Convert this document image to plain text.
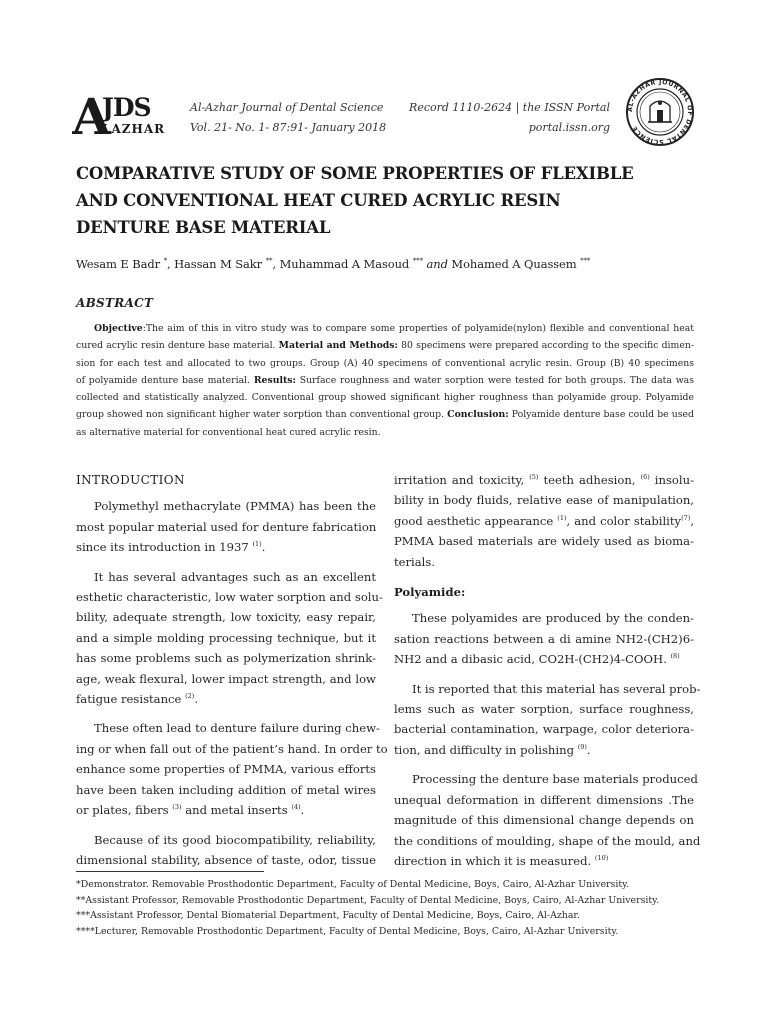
A
JDS
LAZHAR
Al-Azhar Journal of Dental Science
Vol. 21- No. 1- 87:91- January 2018
Record 1110-2624 | the ISSN Portal
portal.issn.org
AL-AZHAR JOURNAL OF DENTAL SCIENCE
COMPARATIVE STUDY OF SOME PROPERTIES OF FLEXIBLE
AND CONVENTIONAL HEAT CURED ACRYLIC RESIN
DENTURE BASE MATERIAL
Wesam E Badr *, Hassan M Sakr **, Muhammad A Masoud *** and Mohamed A Quassem ***
ABSTRACT
Objective:The aim of this in vitro study was to compare some properties of polyamide(nylon) flexible and conventional heat
cured acrylic resin denture base material. Material and Methods: 80 specimens were prepared according to the specific dimen-
sion for each test and allocated to two groups. Group (A) 40 specimens of conventional acrylic resin. Group (B) 40 specimens
of polyamide denture base material. Results: Surface roughness and water sorption were tested for both groups. The data was
collected and statistically analyzed. Conventional group showed significant higher roughness than polyamide group. Polyamide
group showed non significant higher water sorption than conventional group. Conclusion: Polyamide denture base could be used
as alternative material for conventional heat cured acrylic resin.
INTRODUCTION
Polymethyl methacrylate (PMMA) has been the
most popular material used for denture fabrication
since its introduction in 1937 $^{(1)}$.
It has several advantages such as an excellent
esthetic characteristic, low water sorption and solu-
bility, adequate strength, low toxicity, easy repair,
and a simple molding processing technique, but it
has some problems such as polymerization shrink-
age, weak flexural, lower impact strength, and low
fatigue resistance $^{(2)}$.
These often lead to denture failure during chew-
ing or when fall out of the patient’s hand. In order to
enhance some properties of PMMA, various efforts
have been taken including addition of metal wires
or plates, fibers $^{(3)}$ and metal inserts $^{(4)}$.
Because of its good biocompatibility, reliability,
dimensional stability, absence of taste, odor, tissue
irritation and toxicity, $^{(5)}$ teeth adhesion, $^{(6)}$ insolu-
bility in body fluids, relative ease of manipulation,
good aesthetic appearance $^{(1)}$, and color stability$^{(7)}$,
PMMA based materials are widely used as bioma-
terials.
Polyamide:
These polyamides are produced by the conden-
sation reactions between a di amine NH2-(CH2)6-
NH2 and a dibasic acid, CO2H-(CH2)4-COOH. $^{(8)}$
It is reported that this material has several prob-
lems such as water sorption, surface roughness,
bacterial contamination, warpage, color deteriora-
tion, and difficulty in polishing $^{(9)}$.
Processing the denture base materials produced
unequal deformation in different dimensions .The
magnitude of this dimensional change depends on
the conditions of moulding, shape of the mould, and
direction in which it is measured. $^{(10)}$
*Demonstrator. Removable Prosthodontic Department, Faculty of Dental Medicine, Boys, Cairo, Al-Azhar University.
**Assistant Professor, Removable Prosthodontic Department, Faculty of Dental Medicine, Boys, Cairo, Al-Azhar University.
***Assistant Professor, Dental Biomaterial Department, Faculty of Dental Medicine, Boys, Cairo, Al-Azhar.
****Lecturer, Removable Prosthodontic Department, Faculty of Dental Medicine, Boys, Cairo, Al-Azhar University.
